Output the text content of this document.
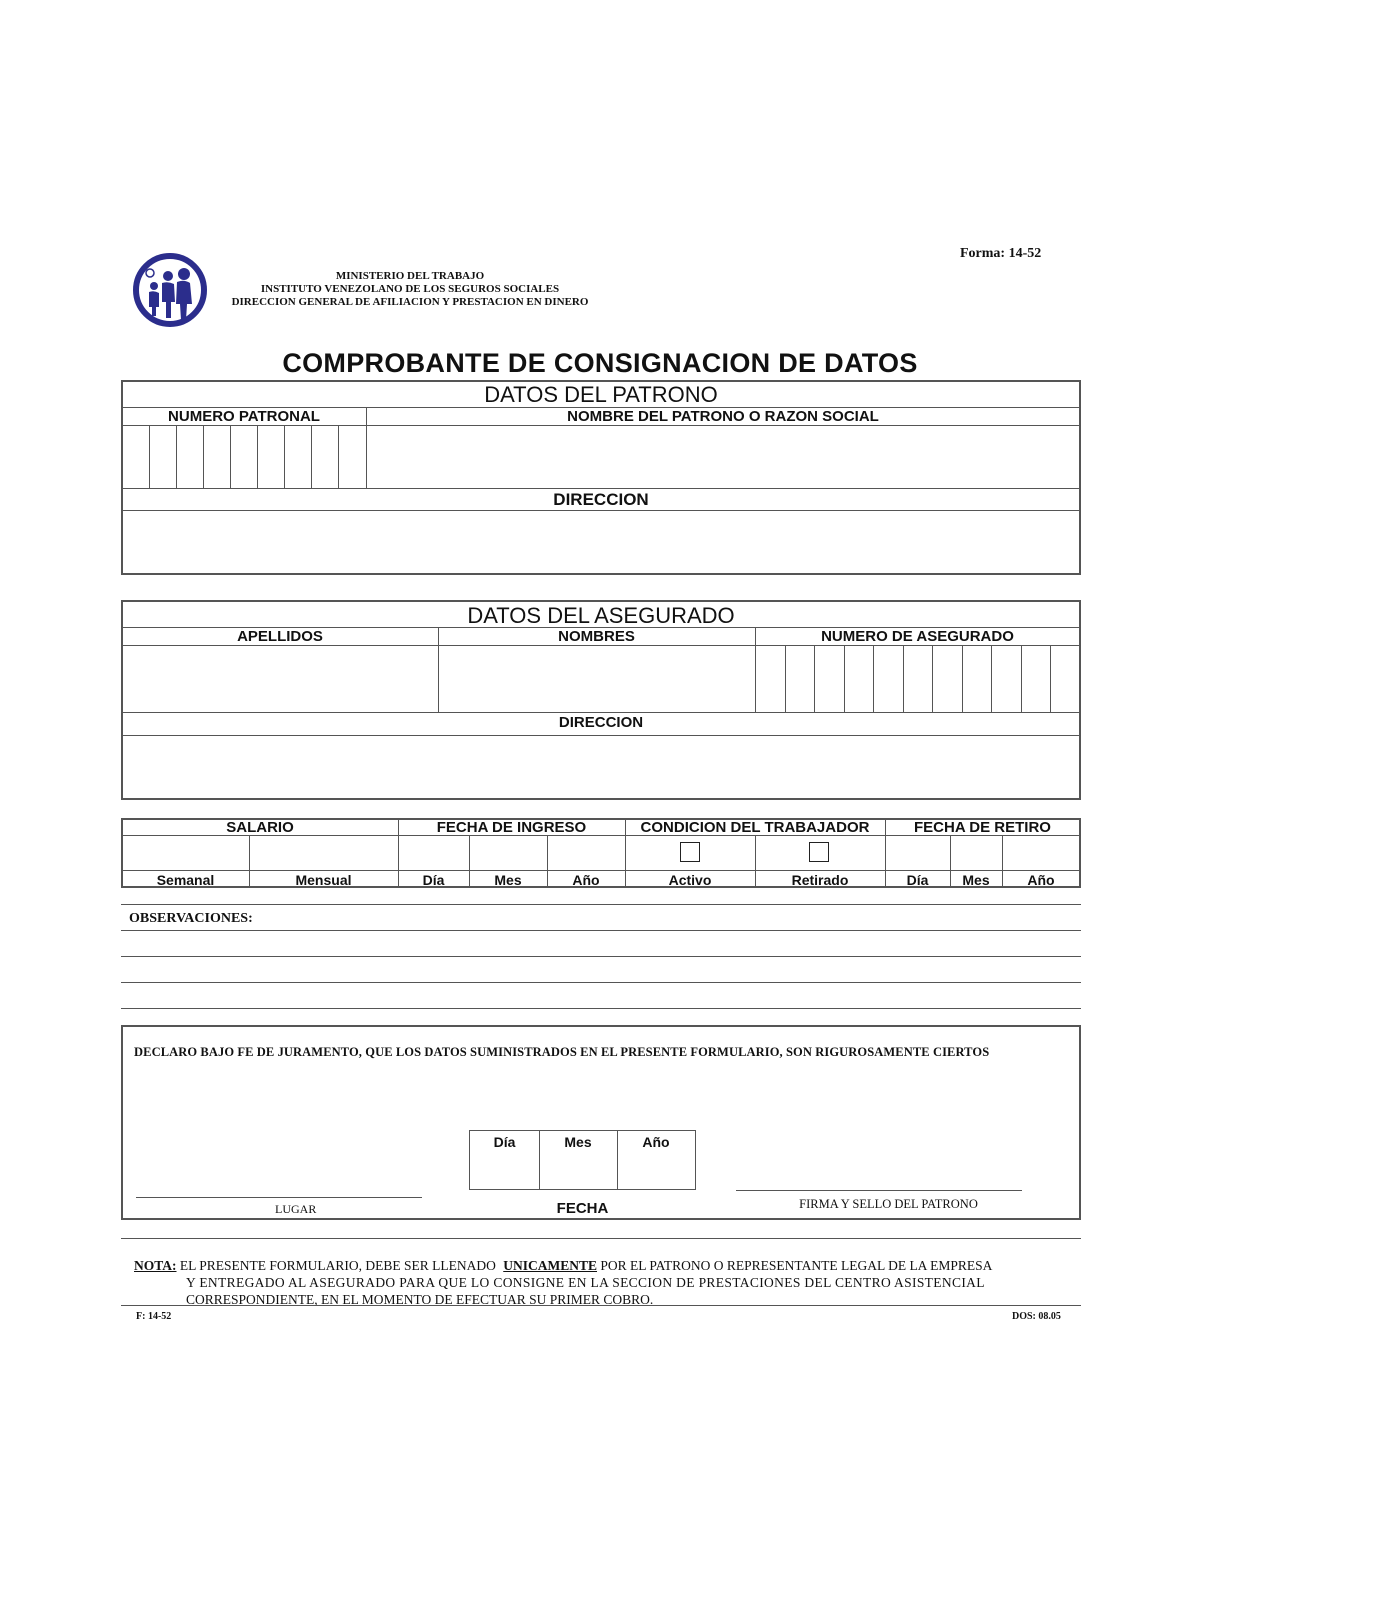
MINISTERIO DEL TRABAJO
INSTITUTO VENEZOLANO DE LOS SEGUROS SOCIALES
DIRECCION GENERAL DE AFILIACION Y PRESTACION EN DINERO
Forma: 14-52
COMPROBANTE DE CONSIGNACION DE DATOS
DATOS DEL PATRONO
NUMERO PATRONAL	NOMBRE DEL PATRONO O RAZON SOCIAL
DIRECCION
DATOS DEL ASEGURADO
APELLIDOS	NOMBRES	NUMERO DE ASEGURADO
DIRECCION
SALARIO	FECHA DE INGRESO	CONDICION DEL TRABAJADOR	FECHA DE RETIRO
Semanal	Mensual	Día	Mes	Año	Activo	Retirado	Día	Mes	Año
OBSERVACIONES:
DECLARO BAJO FE DE JURAMENTO, QUE LOS DATOS SUMINISTRADOS EN EL PRESENTE FORMULARIO, SON RIGUROSAMENTE CIERTOS
LUGAR
Día	Mes	Año
FECHA	FIRMA Y SELLO DEL PATRONO
NOTA: EL PRESENTE FORMULARIO, DEBE SER LLENADO UNICAMENTE POR EL PATRONO O REPRESENTANTE LEGAL DE LA EMPRESA
Y ENTREGADO AL ASEGURADO PARA QUE LO CONSIGNE EN LA SECCION DE PRESTACIONES DEL CENTRO ASISTENCIAL
CORRESPONDIENTE, EN EL MOMENTO DE EFECTUAR SU PRIMER COBRO.
F: 14-52	DOS: 08.05
